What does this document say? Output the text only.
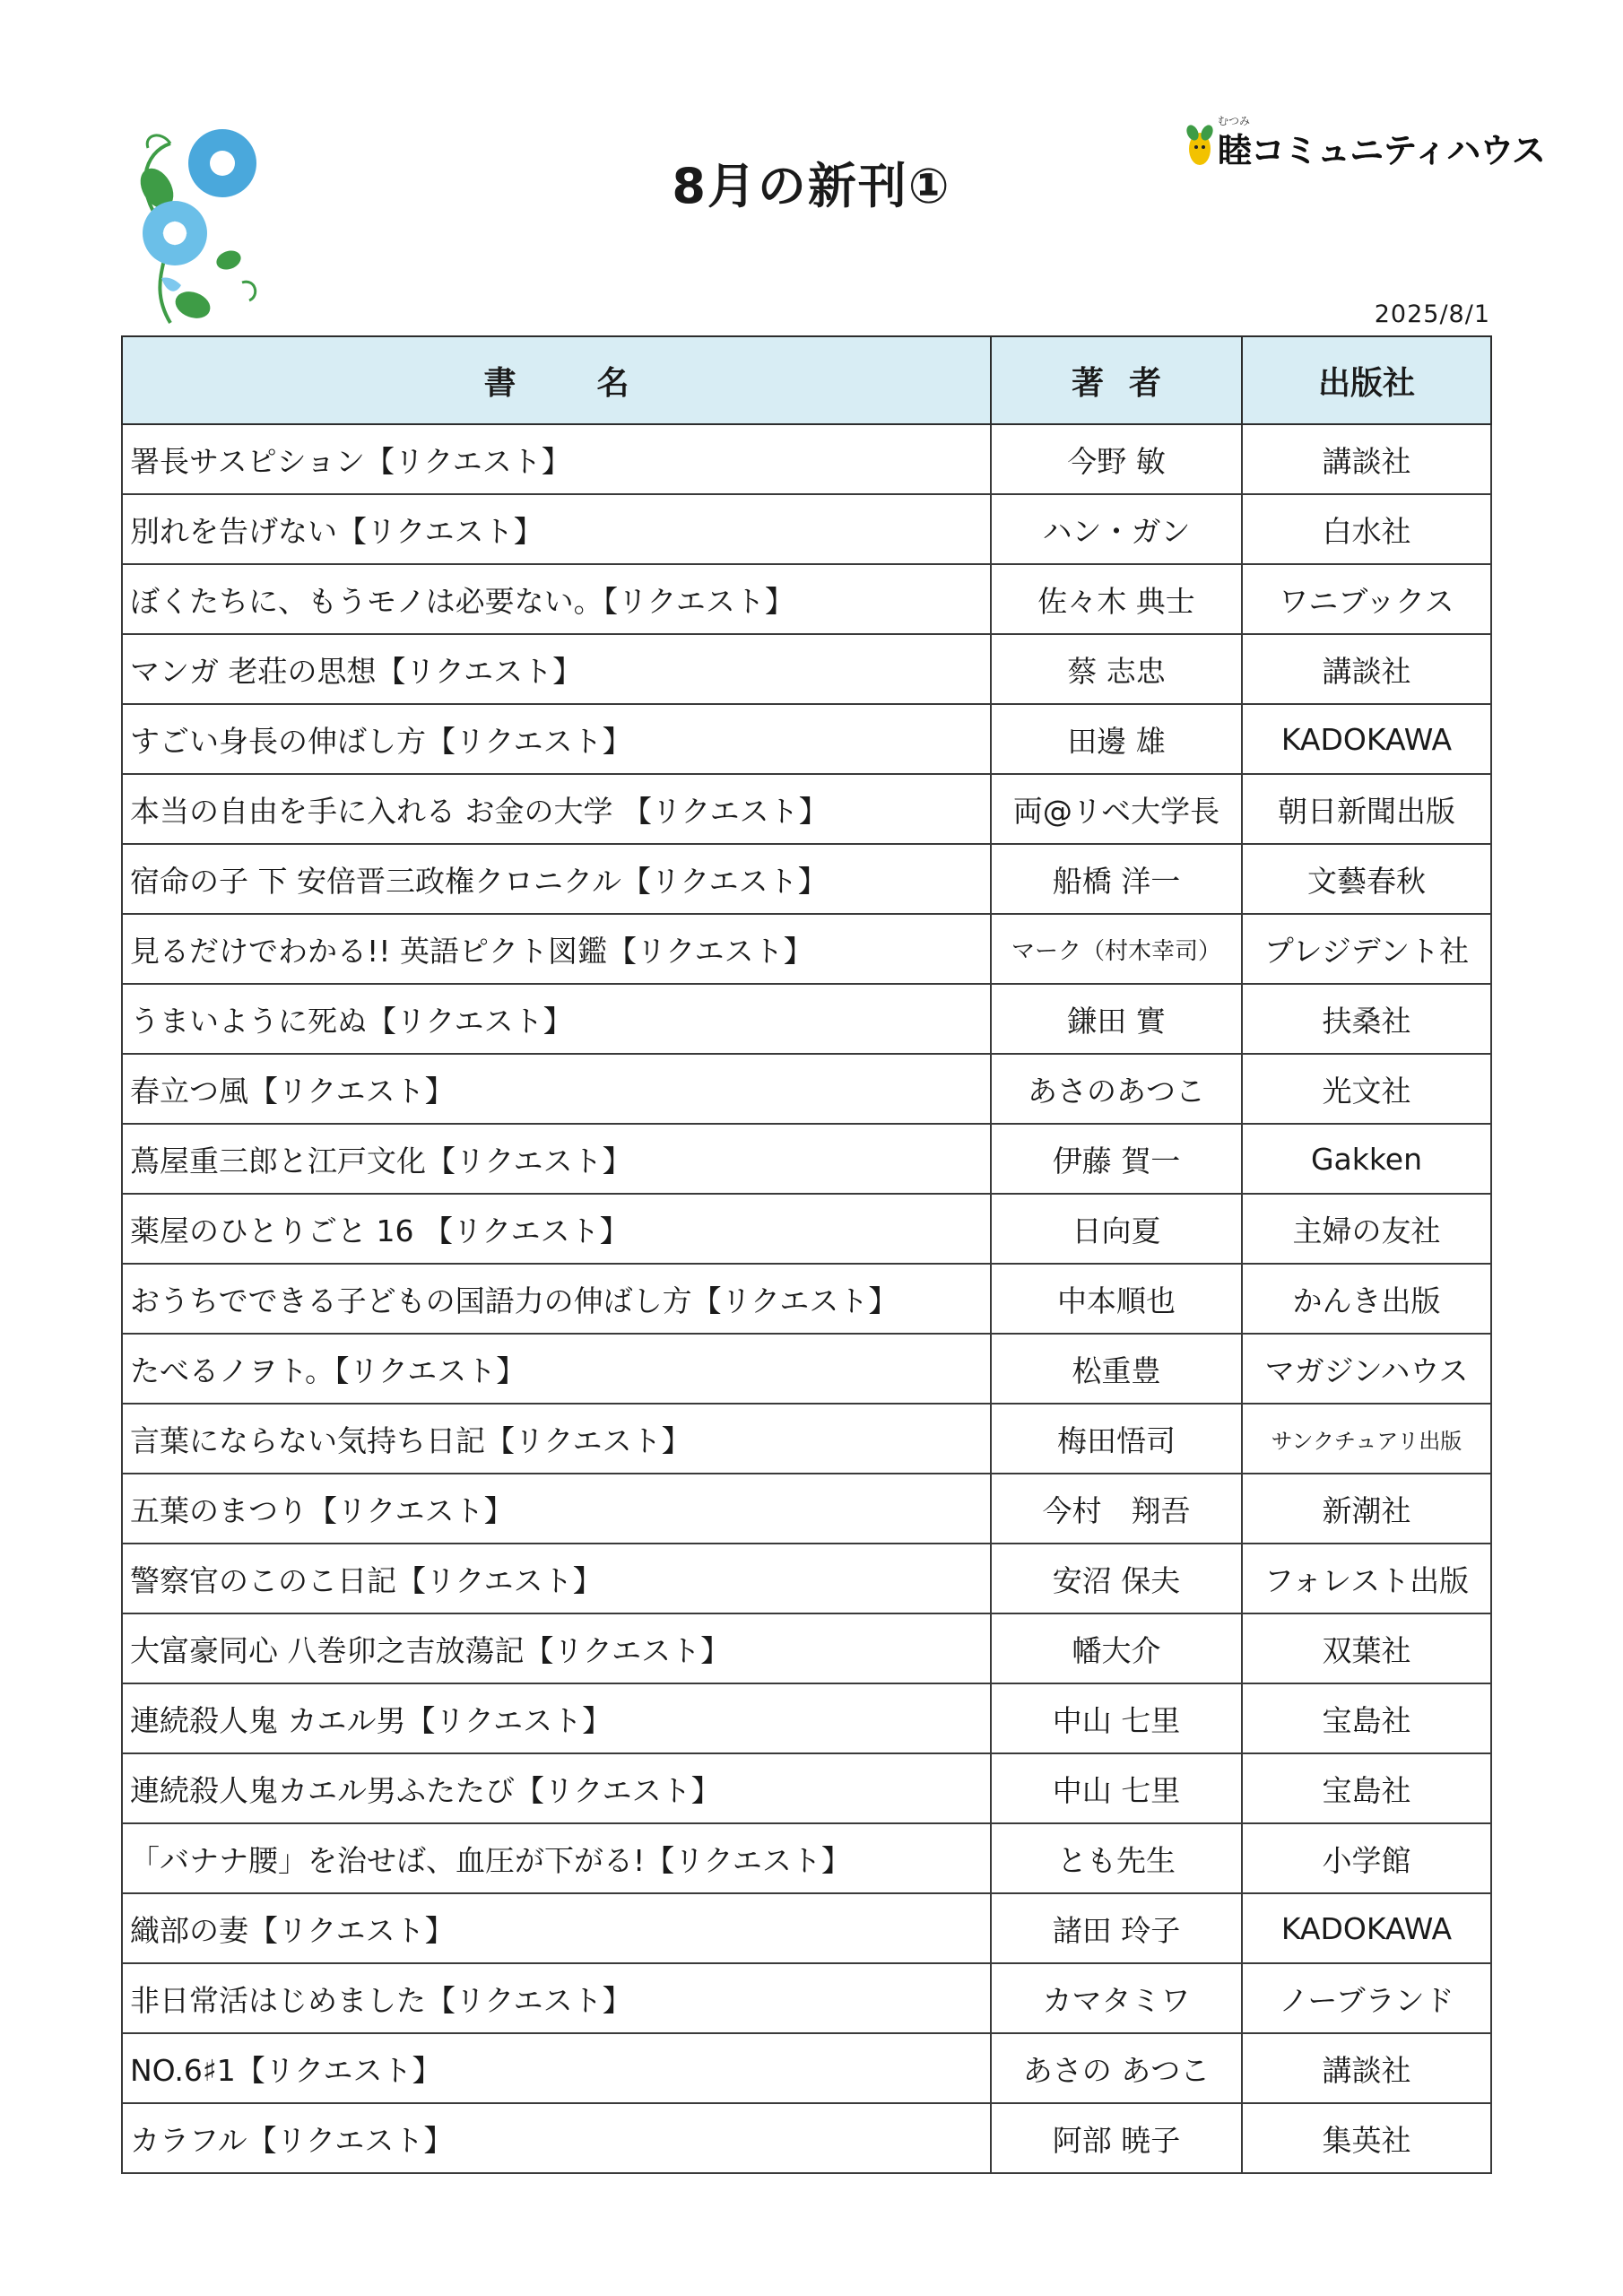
8月の新刊①
むつみ
睦コミュニティハウス
2025/8/1
書名	著者	出版社
署長サスピション【リクエスト】	今野 敏	講談社
別れを告げない【リクエスト】	ハン・ガン	白水社
ぼくたちに、もうモノは必要ない。【リクエスト】	佐々木 典士	ワニブックス
マンガ 老荘の思想【リクエスト】	蔡 志忠	講談社
すごい身長の伸ばし方【リクエスト】	田邊 雄	KADOKAWA
本当の自由を手に入れる お金の大学 【リクエスト】	両@リベ大学長	朝日新聞出版
宿命の子 下 安倍晋三政権クロニクル【リクエスト】	船橋 洋一	文藝春秋
見るだけでわかる!! 英語ピクト図鑑【リクエスト】	マーク（村木幸司）	プレジデント社
うまいように死ぬ【リクエスト】	鎌田 實	扶桑社
春立つ風【リクエスト】	あさのあつこ	光文社
蔦屋重三郎と江戸文化【リクエスト】	伊藤 賀一	Gakken
薬屋のひとりごと 16 【リクエスト】	日向夏	主婦の友社
おうちでできる子どもの国語力の伸ばし方【リクエスト】	中本順也	かんき出版
たべるノヲト。【リクエスト】	松重豊	マガジンハウス
言葉にならない気持ち日記【リクエスト】	梅田悟司	サンクチュアリ出版
五葉のまつり【リクエスト】	今村　翔吾	新潮社
警察官のこのこ日記【リクエスト】	安沼 保夫	フォレスト出版
大富豪同心 八巻卯之吉放蕩記【リクエスト】	幡大介	双葉社
連続殺人鬼 カエル男【リクエスト】	中山 七里	宝島社
連続殺人鬼カエル男ふたたび【リクエスト】	中山 七里	宝島社
「バナナ腰」を治せば、血圧が下がる!【リクエスト】	とも先生	小学館
織部の妻【リクエスト】	諸田 玲子	KADOKAWA
非日常活はじめました【リクエスト】	カマタミワ	ノーブランド
NO.6♯1【リクエスト】	あさの あつこ	講談社
カラフル【リクエスト】	阿部 暁子	集英社
